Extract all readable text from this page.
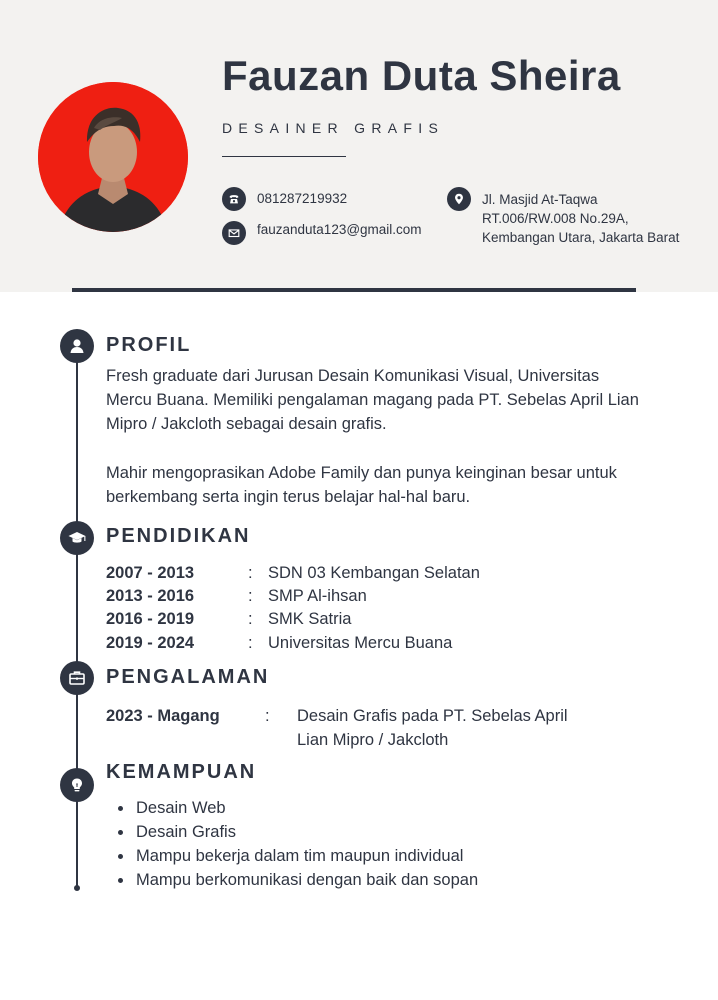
Fauzan Duta Sheira
DESAINER GRAFIS
081287219932
fauzanduta123@gmail.com
Jl. Masjid At-Taqwa
RT.006/RW.008 No.29A,
Kembangan Utara, Jakarta Barat
PROFIL
Fresh graduate dari Jurusan Desain Komunikasi Visual, Universitas
Mercu Buana. Memiliki pengalaman magang pada PT. Sebelas April Lian
Mipro / Jakcloth sebagai desain grafis.
Mahir mengoprasikan Adobe Family dan punya keinginan besar untuk
berkembang serta ingin terus belajar hal-hal baru.
PENDIDIKAN
2007 - 2013	: SDN 03 Kembangan Selatan
2013 - 2016	: SMP Al-ihsan
2016 - 2019	: SMK Satria
2019 - 2024	: Universitas Mercu Buana
PENGALAMAN
2023 - Magang	: Desain Grafis pada PT. Sebelas April
Lian Mipro / Jakcloth
KEMAMPUAN
Desain Web
Desain Grafis
Mampu bekerja dalam tim maupun individual
Mampu berkomunikasi dengan baik dan sopan
